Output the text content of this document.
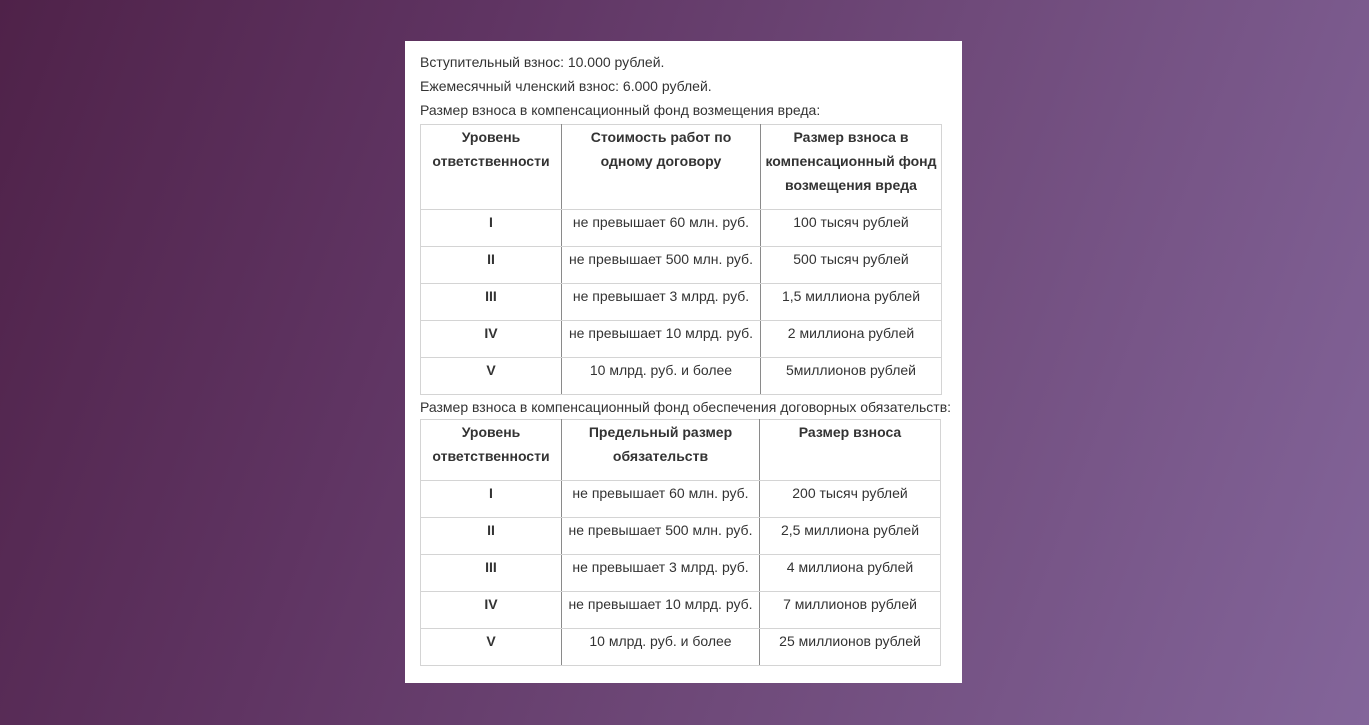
Вступительный взнос: 10.000 рублей.

Ежемесячный членский взнос: 6.000 рублей.

Размер взноса в компенсационный фонд возмещения вреда:

Уровень ответственности	Стоимость работ по одному договору	Размер взноса в компенсационный фонд возмещения вреда
I	не превышает 60 млн. руб.	100 тысяч рублей
II	не превышает 500 млн. руб.	500 тысяч рублей
III	не превышает 3 млрд. руб.	1,5 миллиона рублей
IV	не превышает 10 млрд. руб.	2 миллиона рублей
V	10 млрд. руб. и более	5миллионов рублей

Размер взноса в компенсационный фонд обеспечения договорных обязательств:

Уровень ответственности	Предельный размер обязательств	Размер взноса
I	не превышает 60 млн. руб.	200 тысяч рублей
II	не превышает 500 млн. руб.	2,5 миллиона рублей
III	не превышает 3 млрд. руб.	4 миллиона рублей
IV	не превышает 10 млрд. руб.	7 миллионов рублей
V	10 млрд. руб. и более	25 миллионов рублей
